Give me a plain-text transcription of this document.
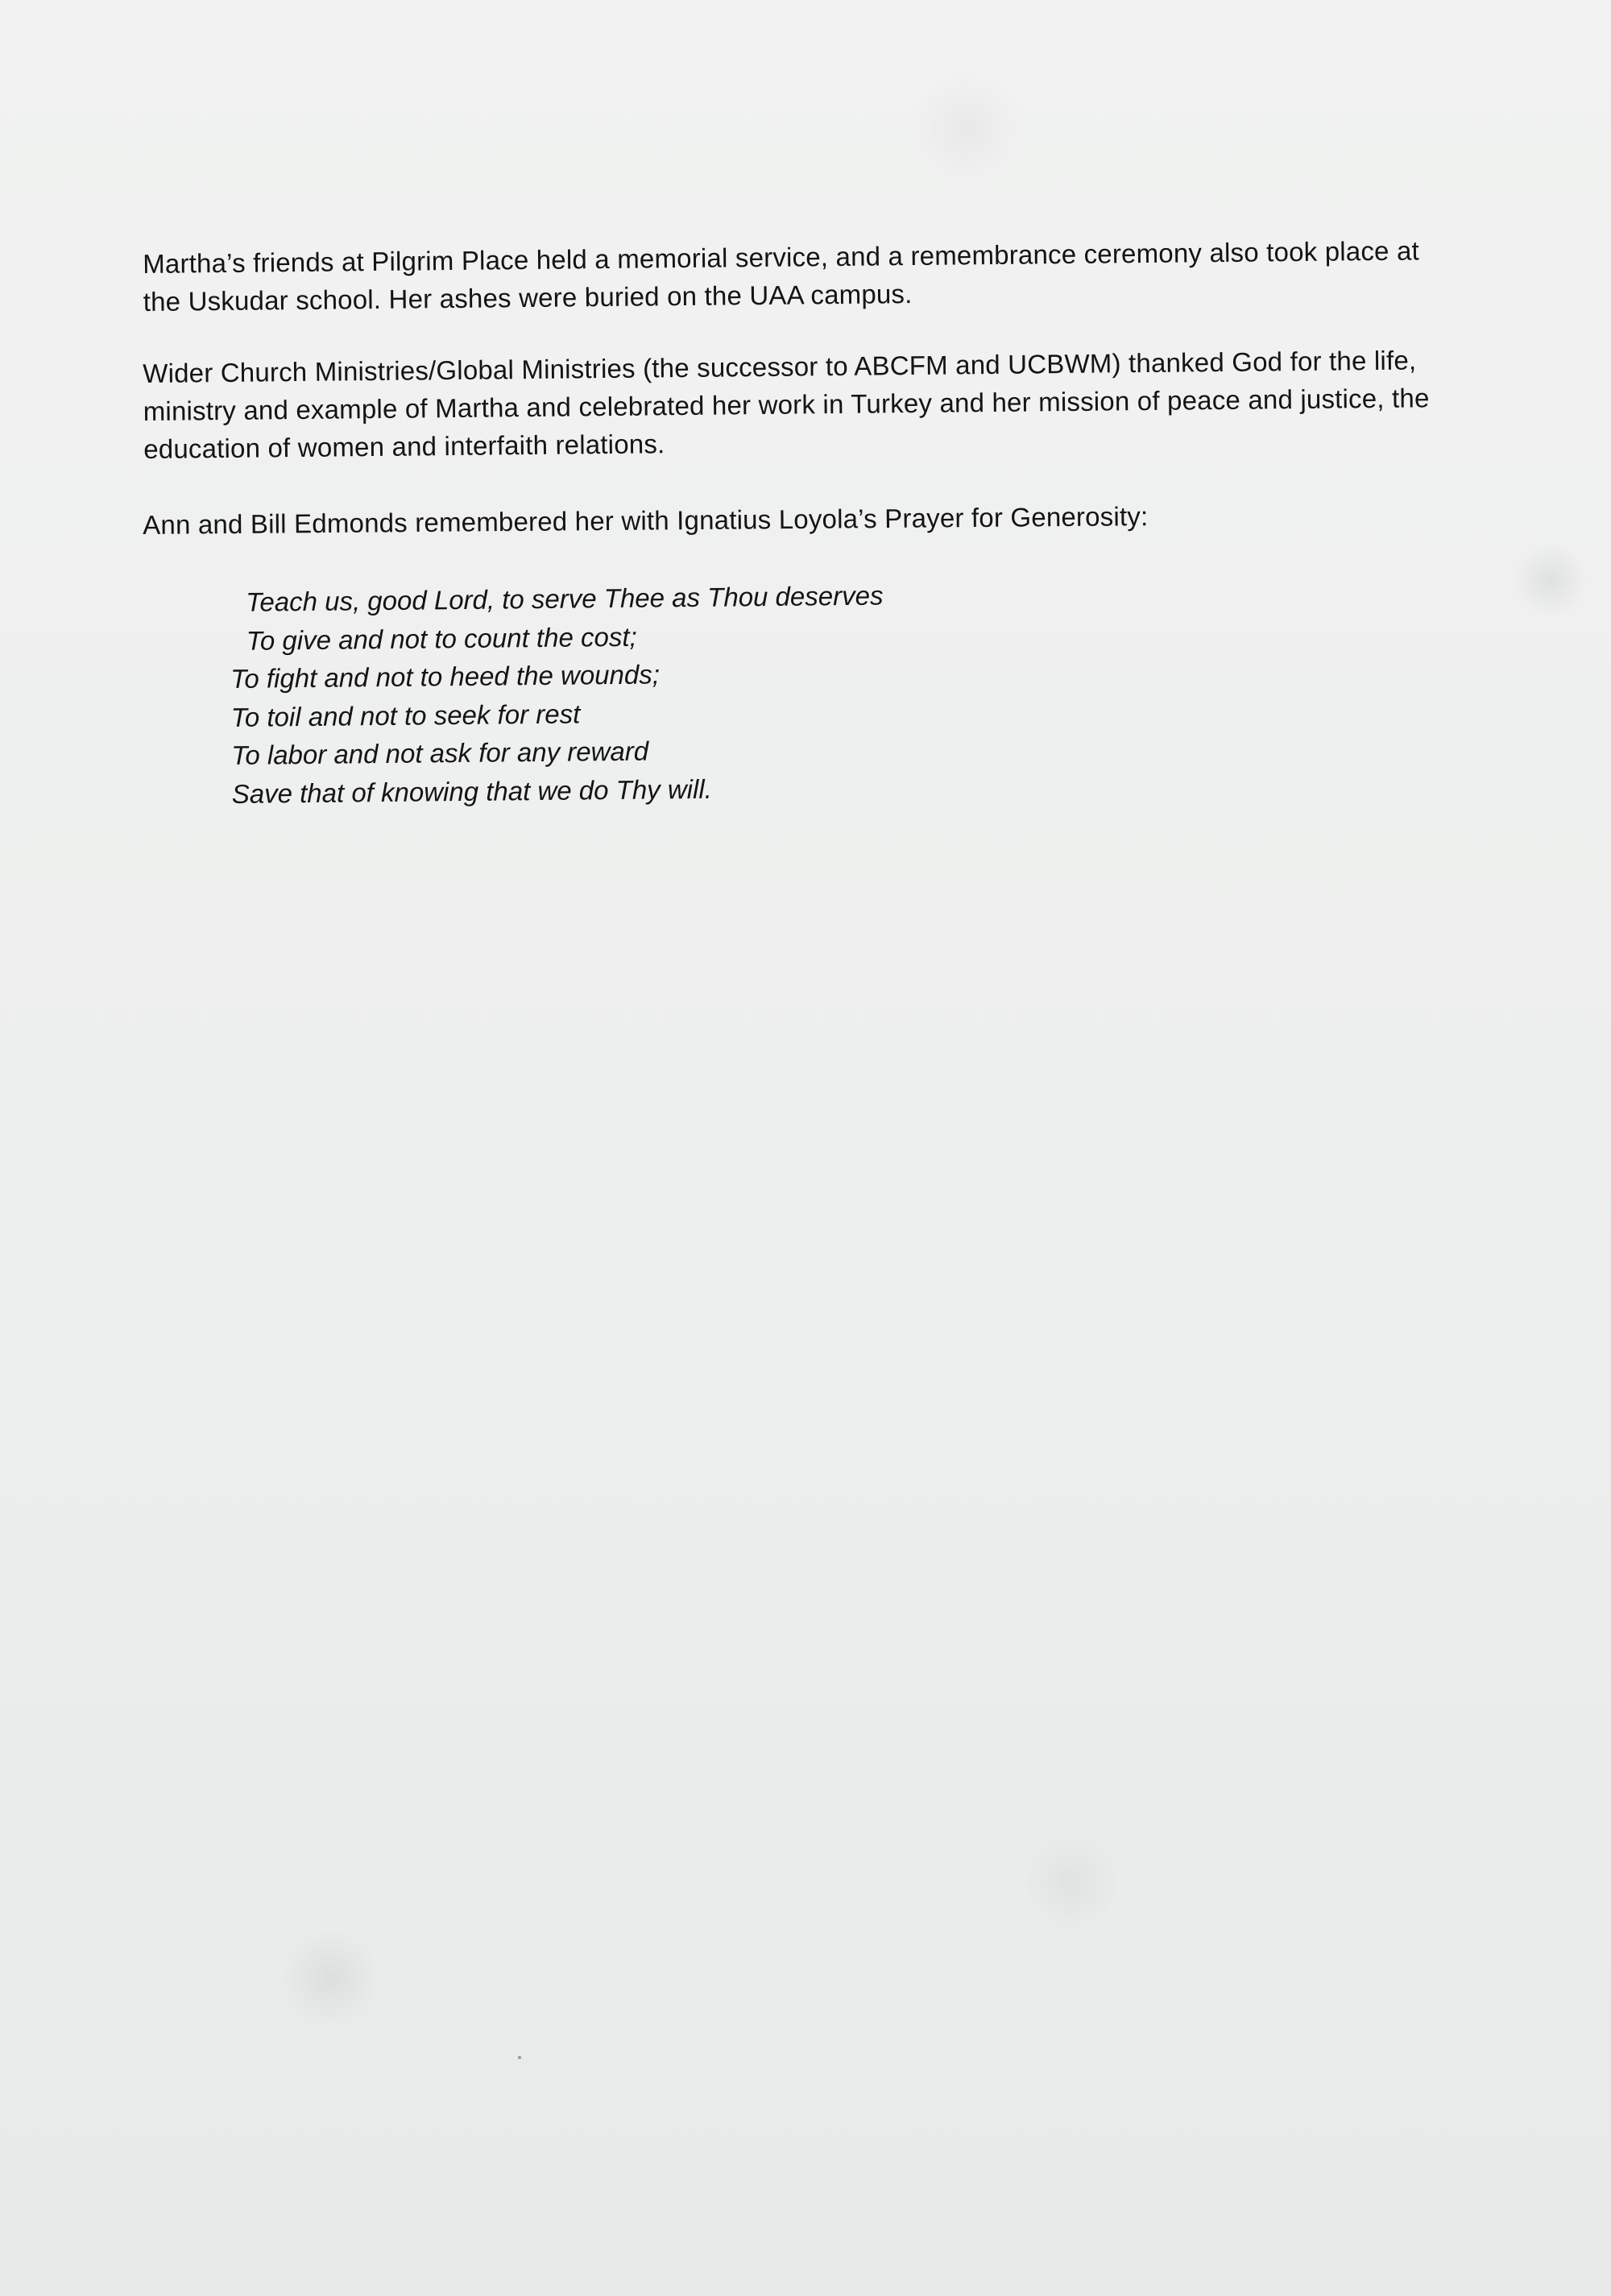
Martha’s friends at Pilgrim Place held a memorial service, and a remembrance ceremony also took place at the Uskudar school. Her ashes were buried on the UAA campus.

Wider Church Ministries/Global Ministries (the successor to ABCFM and UCBWM) thanked God for the life, ministry and example of Martha and celebrated her work in Turkey and her mission of peace and justice, the education of women and interfaith relations.

Ann and Bill Edmonds remembered her with Ignatius Loyola’s Prayer for Generosity:

Teach us, good Lord, to serve Thee as Thou deserves
To give and not to count the cost;
To fight and not to heed the wounds;
To toil and not to seek for rest
To labor and not ask for any reward
Save that of knowing that we do Thy will.
